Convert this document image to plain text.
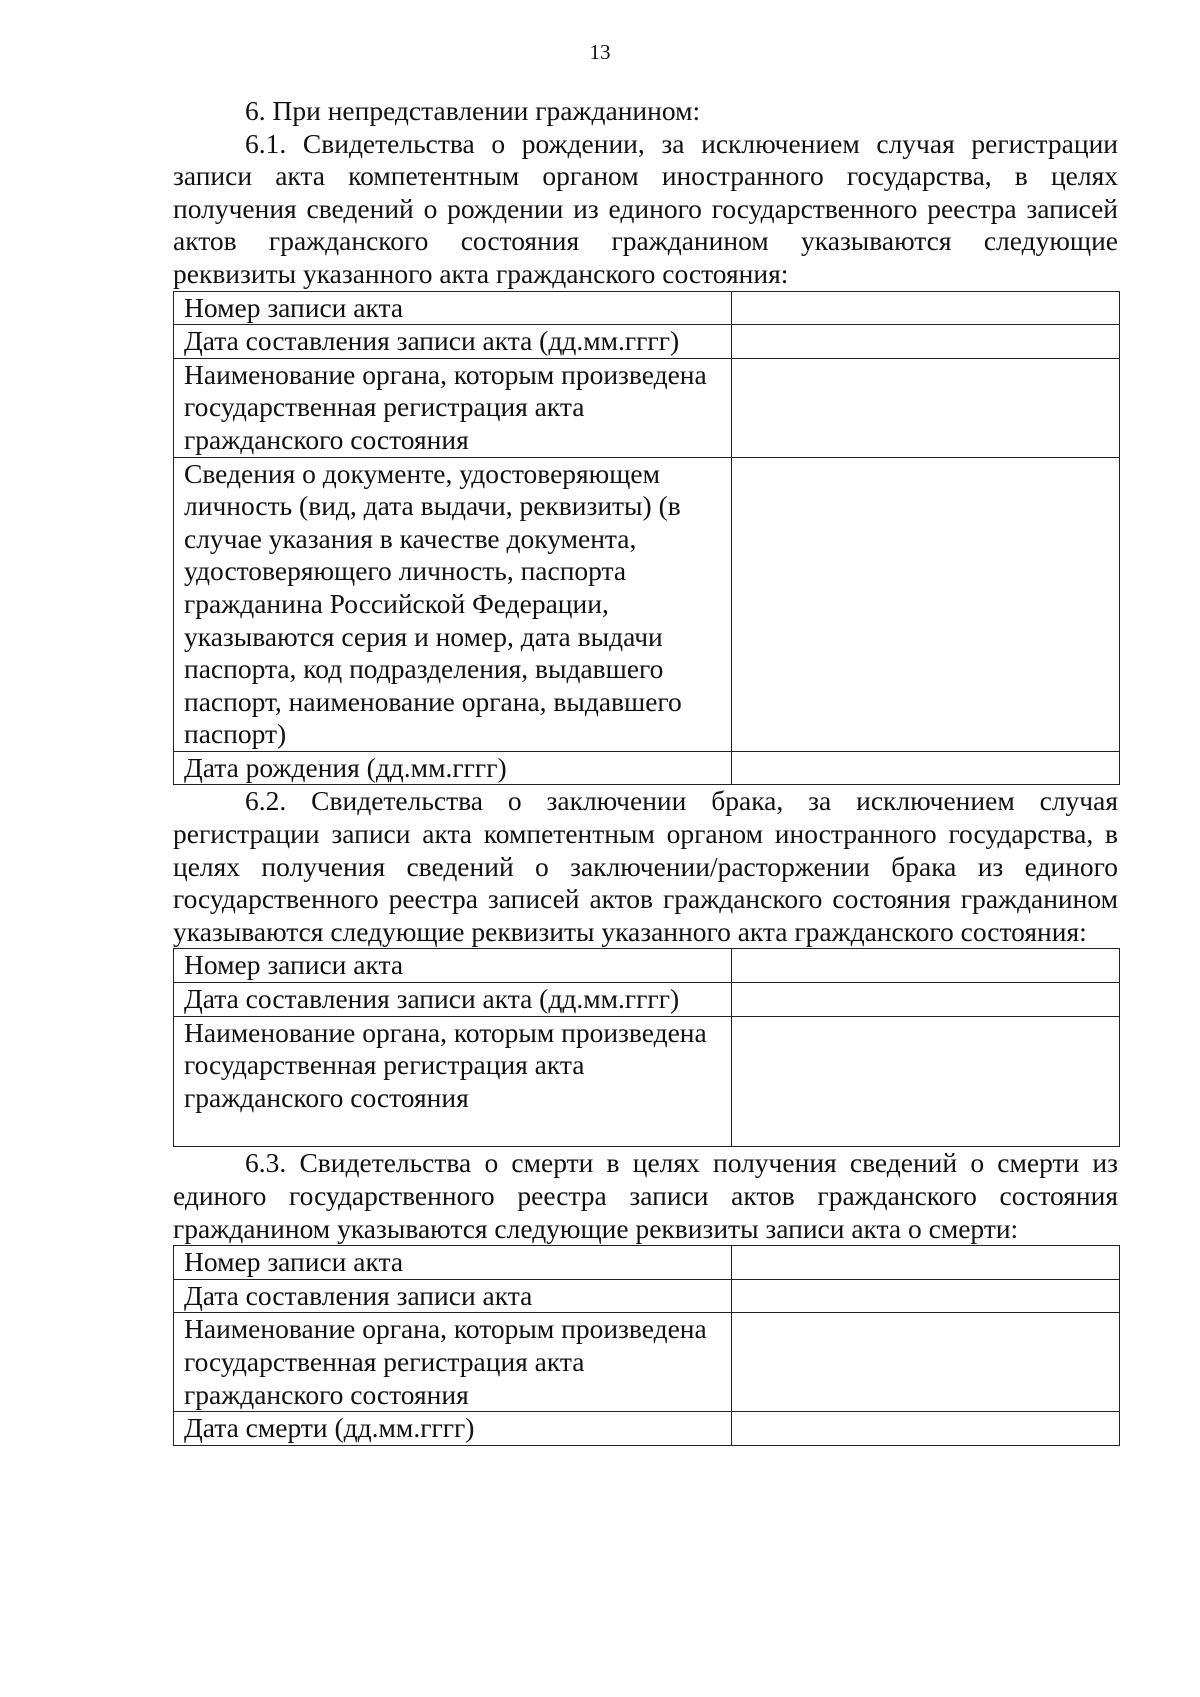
13

6. При непредставлении гражданином:

6.1. Свидетельства о рождении, за исключением случая регистрации записи акта компетентным органом иностранного государства, в целях получения сведений о рождении из единого государственного реестра записей актов гражданского состояния гражданином указываются следующие реквизиты указанного акта гражданского состояния:

Номер записи акта	
Дата составления записи акта (дд.мм.гггг)	
Наименование органа, которым произведена государственная регистрация акта гражданского состояния	
Сведения о документе, удостоверяющем личность (вид, дата выдачи, реквизиты) (в случае указания в качестве документа, удостоверяющего личность, паспорта гражданина Российской Федерации, указываются серия и номер, дата выдачи паспорта, код подразделения, выдавшего паспорт, наименование органа, выдавшего паспорт)	
Дата рождения (дд.мм.гггг)	

6.2. Свидетельства о заключении брака, за исключением случая регистрации записи акта компетентным органом иностранного государства, в целях получения сведений о заключении/расторжении брака из единого государственного реестра записей актов гражданского состояния гражданином указываются следующие реквизиты указанного акта гражданского состояния:

Номер записи акта	
Дата составления записи акта (дд.мм.гггг)	
Наименование органа, которым произведена государственная регистрация акта гражданского состояния	

6.3. Свидетельства о смерти в целях получения сведений о смерти из единого государственного реестра записи актов гражданского состояния гражданином указываются следующие реквизиты записи акта о смерти:

Номер записи акта	
Дата составления записи акта	
Наименование органа, которым произведена государственная регистрация акта гражданского состояния	
Дата смерти (дд.мм.гггг)	
